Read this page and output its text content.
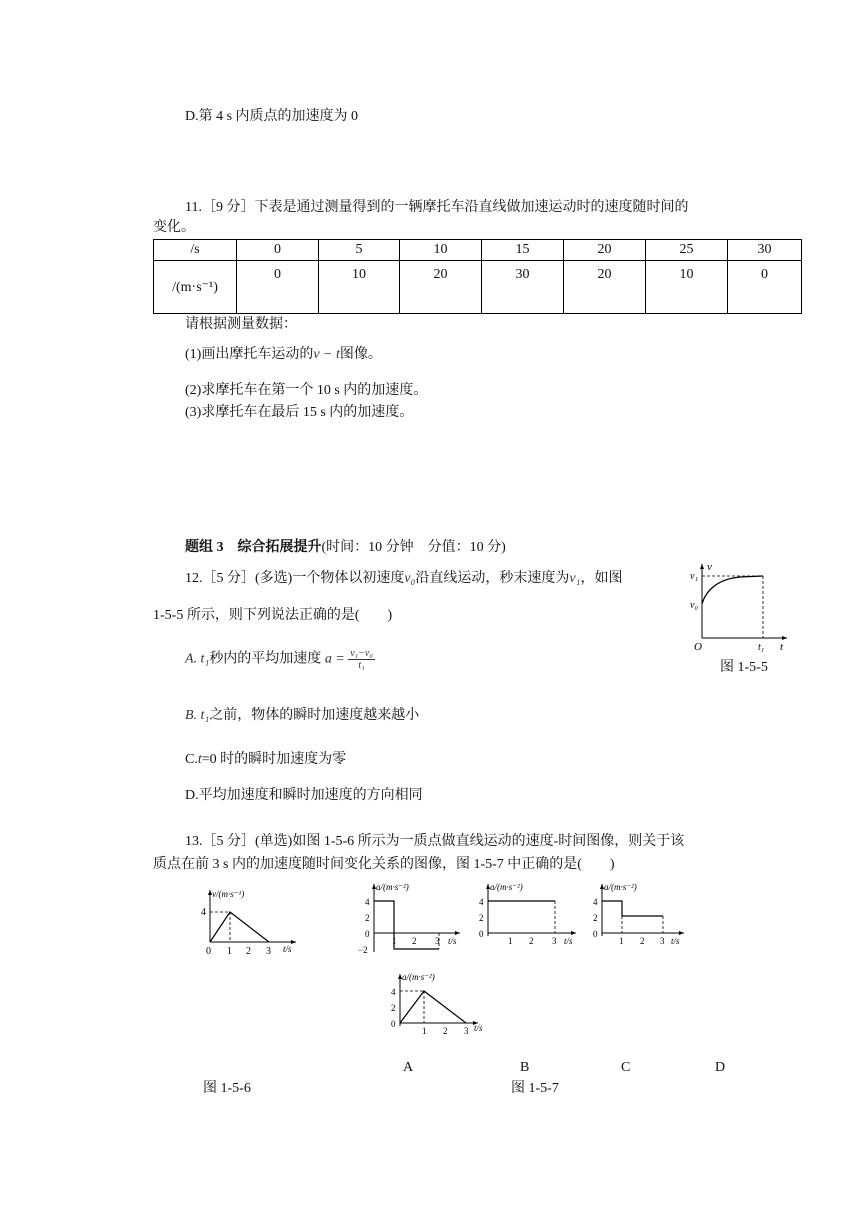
D.第 4 s 内质点的加速度为 0
11.［9 分］下表是通过测量得到的一辆摩托车沿直线做加速运动时的速度随时间的
变化。
/s	0	5	10	15	20	25	30
/(m·s⁻¹)	0	10	20	30	20	10	0
请根据测量数据：
(1)画出摩托车运动的v − t图像。
(2)求摩托车在第一个 10 s 内的加速度。
(3)求摩托车在最后 15 s 内的加速度。
题组 3　综合拓展提升(时间：10 分钟　分值：10 分)
12.［5 分］(多选)一个物体以初速度v₀沿直线运动，秒末速度为v₁，如图
1-5-5 所示，则下列说法正确的是(　　)
A. t₁秒内的平均加速度 $a = \frac{\text{v₁−v₀}}{\text{t₁}}$
B. t₁之前，物体的瞬时加速度越来越小
C.t=0 时的瞬时加速度为零
D.平均加速度和瞬时加速度的方向相同
v
v₁
v₀
O	t₁ t
图 1-5-5
13.［5 分］(单选)如图 1-5-6 所示为一质点做直线运动的速度-时间图像，则关于该
质点在前 3 s 内的加速度随时间变化关系的图像，图 1-5-7 中正确的是(　　)
v/(m·s⁻¹)
4
0 1 2 3 t/s
a/(m·s⁻²)
4
2
0
−2
1 2 3 t/s
a/(m·s⁻²)
4
2
0
1 2 3 t/s
a/(m·s⁻²)
4
2
0
1 2 3 t/s
a/(m·s⁻²)
4
2
0
1 2 3 t/s
A	B	C	D
图 1-5-6	图 1-5-7
